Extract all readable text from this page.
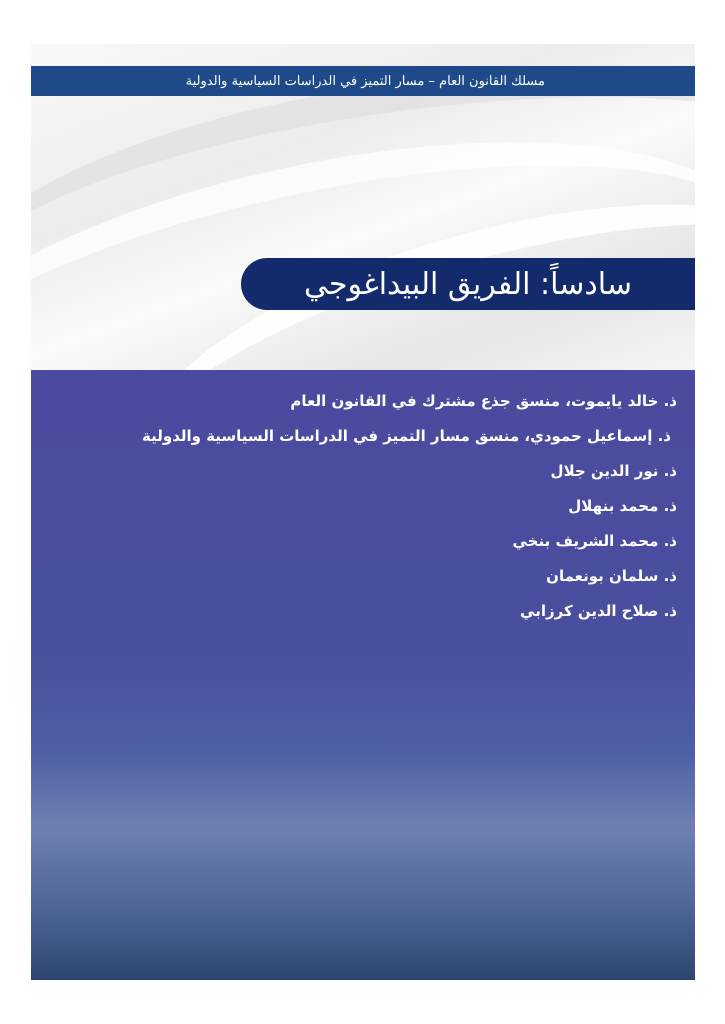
مسلك القانون العام – مسار التميز في الدراسات السياسية والدولية
سادساً: الفريق البيداغوجي
ذ. خالد يايموت، منسق جذع مشترك في القانون العام
ذ. إسماعيل حمودي، منسق مسار التميز في الدراسات السياسية والدولية
ذ. نور الدين جلال
ذ. محمد بنهلال
ذ. محمد الشريف بنخي
ذ. سلمان بونعمان
ذ. صلاح الدين كرزابي
